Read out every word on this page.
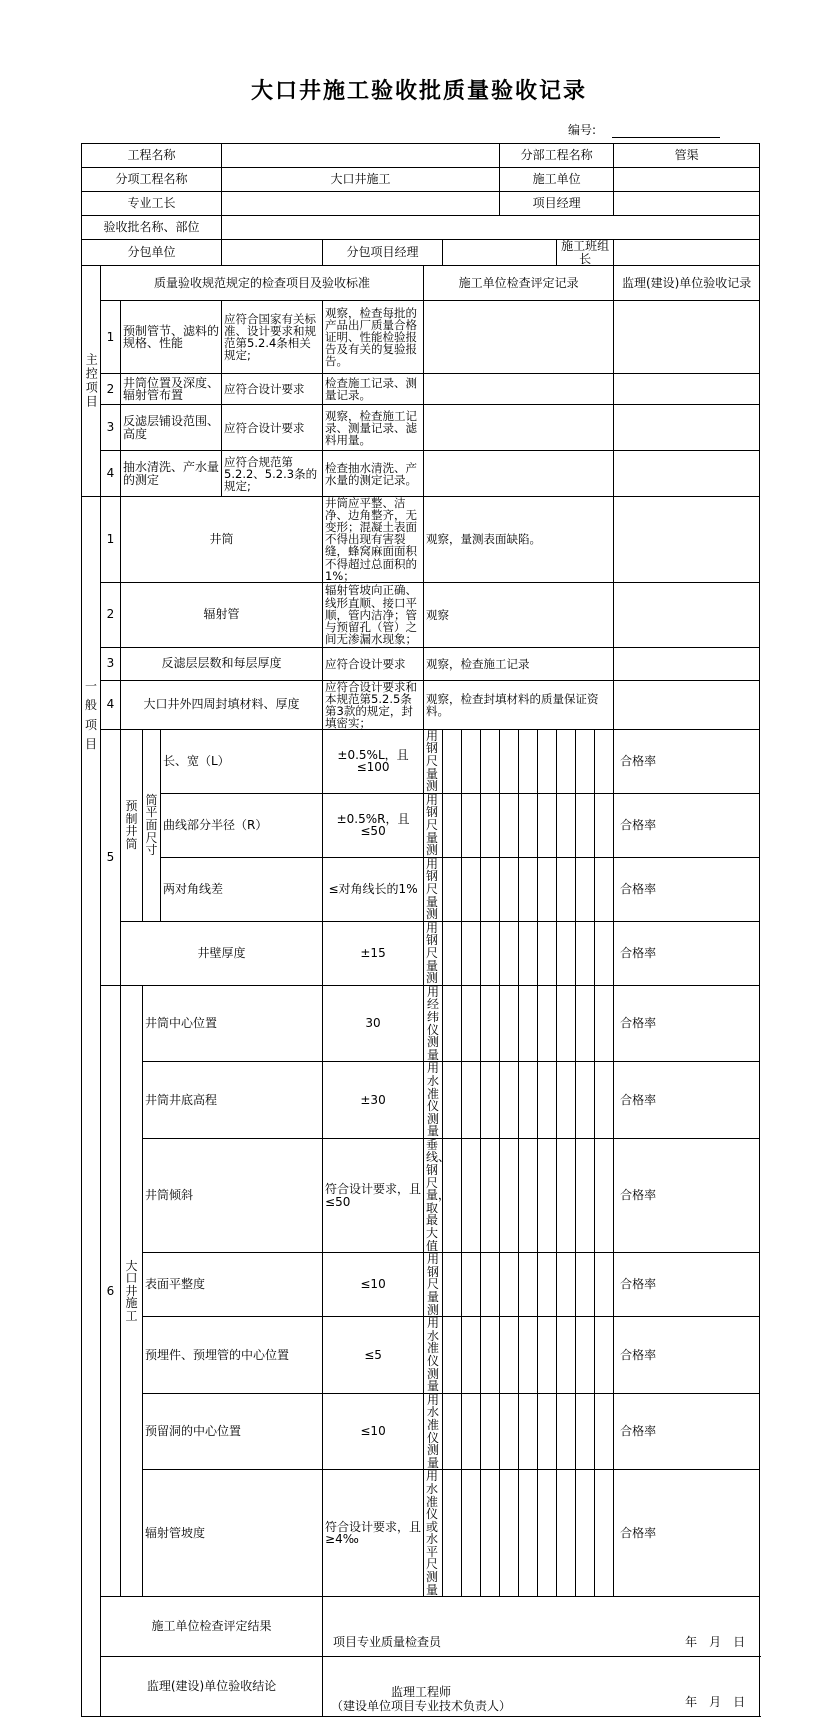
大口井施工验收批质量验收记录
编号:
工程名称											分部工程名称						管渠
分项工程名称					大口井施工						施工单位						
专业工长											项目经理						
验收批名称、部位																	
分包单位						分包项目经理								施工班组长			
主控项目	质量验收规范规定的检查项目及验收标准						施工单位检查评定记录										监理(建设)单位验收记录
	1	预制管节、滤料的规格、性能			应符合国家有关标准、设计要求和规范第5.2.4条相关规定;	观察，检查每批的产品出厂质量合格证明、性能检验报告及有关的复验报告。											
	2	井筒位置及深度、辐射管布置			应符合设计要求	检查施工记录、测量记录。											
	3	反滤层铺设范围、高度			应符合设计要求	观察，检查施工记录、测量记录、滤料用量。											
	4	抽水清洗、产水量的测定			应符合规范第5.2.2、5.2.3条的规定;	检查抽水清洗、产水量的测定记录。											
一 般 项 目	1	井筒				井筒应平整、洁净、边角整齐，无变形；混凝土表面不得出现有害裂缝，蜂窝麻面面积不得超过总面积的1%；	观察，量测表面缺陷。										
	2	辐射管				辐射管坡向正确、线形直顺、接口平顺，管内洁净；管与预留孔（管）之间无渗漏水现象；	观察										
	3	反滤层层数和每层厚度				应符合设计要求	观察，检查施工记录										
	4	大口井外四周封填材料、厚度				应符合设计要求和本规范第5.2.5条第3款的规定，封填密实；	观察，检查封填材料的质量保证资料。										
	5	预制井筒	筒平面尺寸	长、宽（L）		±0.5%L，且≤100	用钢尺量测										合格率
				曲线部分半径（R）		±0.5%R，且≤50	用钢尺量测										合格率
				两对角线差		≤对角线长的1%	用钢尺量测										合格率
		井壁厚度				±15	用钢尺量测										合格率
	6	大口井施工	井筒中心位置			30	用经纬仪测量										合格率
			井筒井底高程			±30	用水准仪测量										合格率
			井筒倾斜			符合设计要求，且≤50	垂线、钢尺量，取最大值										合格率
			表面平整度			≤10	用钢尺量测										合格率
			预埋件、预埋管的中心位置			≤5	用水准仪测量										合格率
			预留洞的中心位置			≤10	用水准仪测量										合格率
			辐射管坡度			符合设计要求，且≥4‰	用水准仪或水平尺测量										合格率
	施工单位检查评定结果					项目专业质量检查员 年　月　日											

	监理(建设)单位验收结论					监理工程师
（建设单位项目专业技术负责人） 年　月　日											
